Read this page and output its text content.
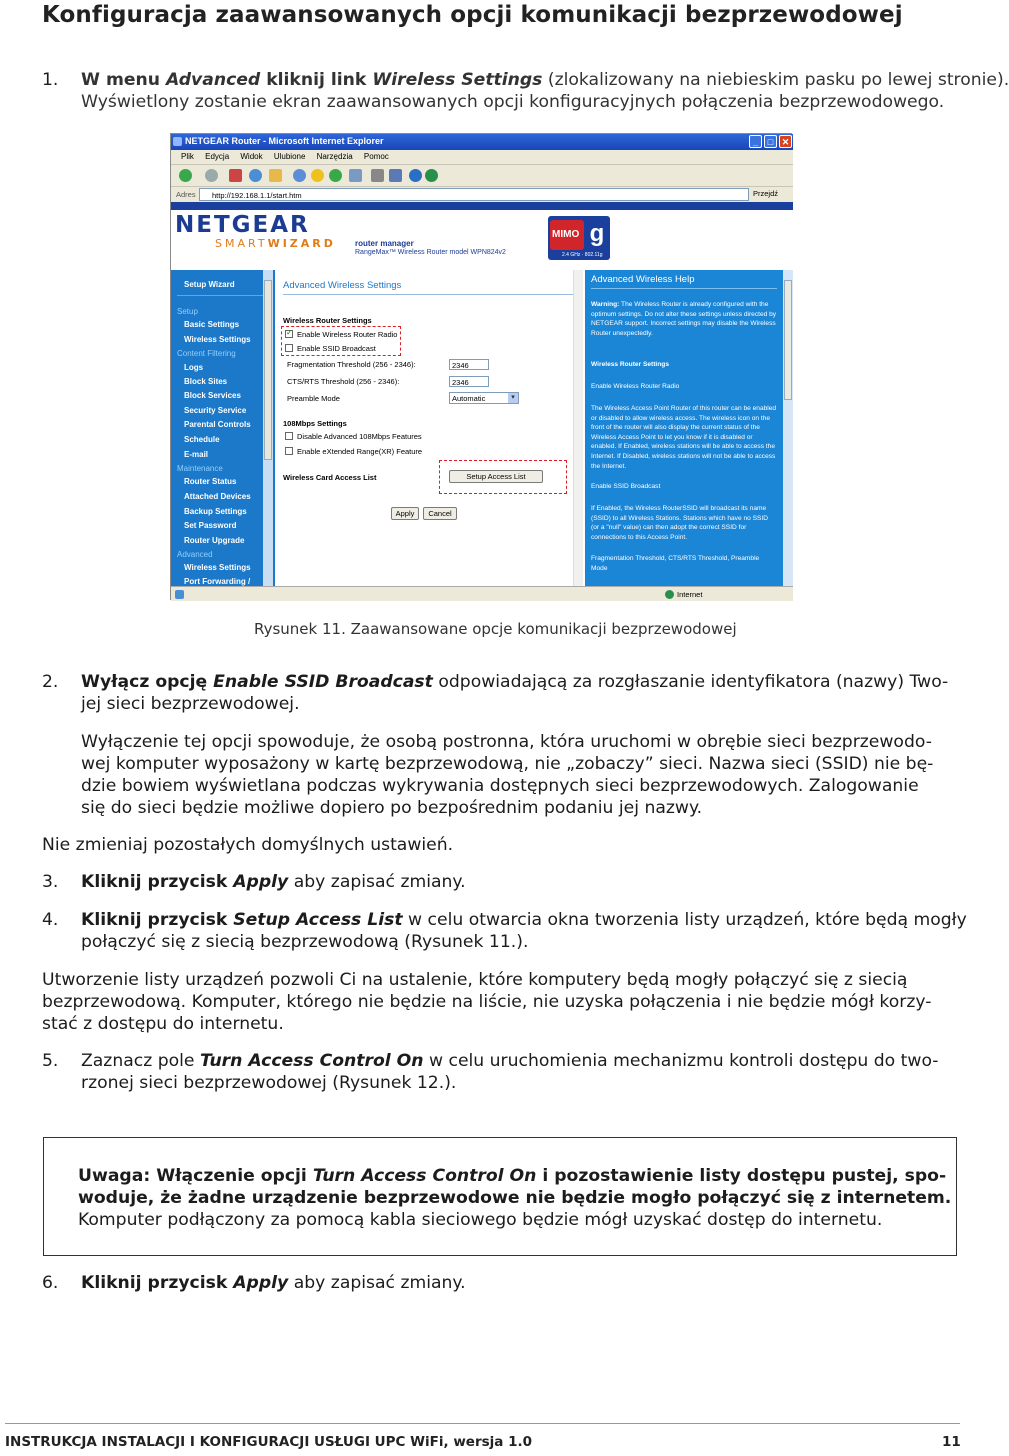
Konfiguracja zaawansowanych opcji komunikacji bezprzewodowej
1. W menu Advanced kliknij link Wireless Settings (zlokalizowany na niebieskim pasku po lewej stronie).
Wyświetlony zostanie ekran zaawansowanych opcji konfiguracyjnych połączenia bezprzewodowego.
NETGEAR Router - Microsoft Internet Explorer	_	□ ✕
Plik Edycja Widok Ulubione Narzędzia Pomoc
Adres	http://192.168.1.1/start.htm	Przejdź
NETGEAR
SMARTWIZARD router manager
RangeMax™ Wireless Router model WPN824v2
MIMO g
2.4 GHz · 802.11g
Setup Wizard
Setup
Basic Settings
Wireless Settings
Content Filtering
Logs
Block Sites
Block Services
Security Service
Parental Controls
Schedule
E-mail
Maintenance
Router Status
Attached Devices
Backup Settings
Set Password
Router Upgrade
Advanced
Wireless Settings
Port Forwarding /
Advanced Wireless Settings
Wireless Router Settings
✓
Enable Wireless Router Radio
Enable SSID Broadcast
Fragmentation Threshold (256 - 2346):	2346
CTS/RTS Threshold (256 - 2346):	2346
Preamble Mode	Automatic ▾
108Mbps Settings
Disable Advanced 108Mbps Features
Enable eXtended Range(XR) Feature
Wireless Card Access List	Setup Access List
Apply	Cancel
Advanced Wireless Help

Warning: The Wireless Router is already configured with the optimum settings. Do not alter these settings unless directed by NETGEAR support. Incorrect settings may disable the Wireless Router unexpectedly.

Wireless Router Settings

Enable Wireless Router Radio

The Wireless Access Point Router of this router can be enabled or disabled to allow wireless access. The wireless icon on the front of the router will also display the current status of the Wireless Access Point to let you know if it is disabled or enabled. If Enabled, wireless stations will be able to access the Internet. If Disabled, wireless stations will not be able to access the Internet.

Enable SSID Broadcast

If Enabled, the Wireless RouterSSID will broadcast its name (SSID) to all Wireless Stations. Stations which have no SSID (or a "null" value) can then adopt the correct SSID for connections to this Access Point.

Fragmentation Threshold, CTS/RTS Threshold, Preamble Mode

Internet
Rysunek 11. Zaawansowane opcje komunikacji bezprzewodowej
2. Wyłącz opcję Enable SSID Broadcast odpowiadającą za rozgłaszanie identyfikatora (nazwy) Two-
jej sieci bezprzewodowej.
Wyłączenie tej opcji spowoduje, że osobą postronna, która uruchomi w obrębie sieci bezprzewodo-
wej komputer wyposażony w kartę bezprzewodową, nie „zobaczy” sieci. Nazwa sieci (SSID) nie bę-
dzie bowiem wyświetlana podczas wykrywania dostępnych sieci bezprzewodowych. Zalogowanie
się do sieci będzie możliwe dopiero po bezpośrednim podaniu jej nazwy.
Nie zmieniaj pozostałych domyślnych ustawień.
3. Kliknij przycisk Apply aby zapisać zmiany.
4. Kliknij przycisk Setup Access List w celu otwarcia okna tworzenia listy urządzeń, które będą mogły
połączyć się z siecią bezprzewodową (Rysunek 11.).
Utworzenie listy urządzeń pozwoli Ci na ustalenie, które komputery będą mogły połączyć się z siecią
bezprzewodową. Komputer, którego nie będzie na liście, nie uzyska połączenia i nie będzie mógł korzy-
stać z dostępu do internetu.
5. Zaznacz pole Turn Access Control On w celu uruchomienia mechanizmu kontroli dostępu do two-
rzonej sieci bezprzewodowej (Rysunek 12.).
Uwaga: Włączenie opcji Turn Access Control On i pozostawienie listy dostępu pustej, spo-
woduje, że żadne urządzenie bezprzewodowe nie będzie mogło połączyć się z internetem.
Komputer podłączony za pomocą kabla sieciowego będzie mógł uzyskać dostęp do internetu.
6. Kliknij przycisk Apply aby zapisać zmiany.
INSTRUKCJA INSTALACJI I KONFIGURACJI USŁUGI UPC WiFi, wersja 1.0	11
